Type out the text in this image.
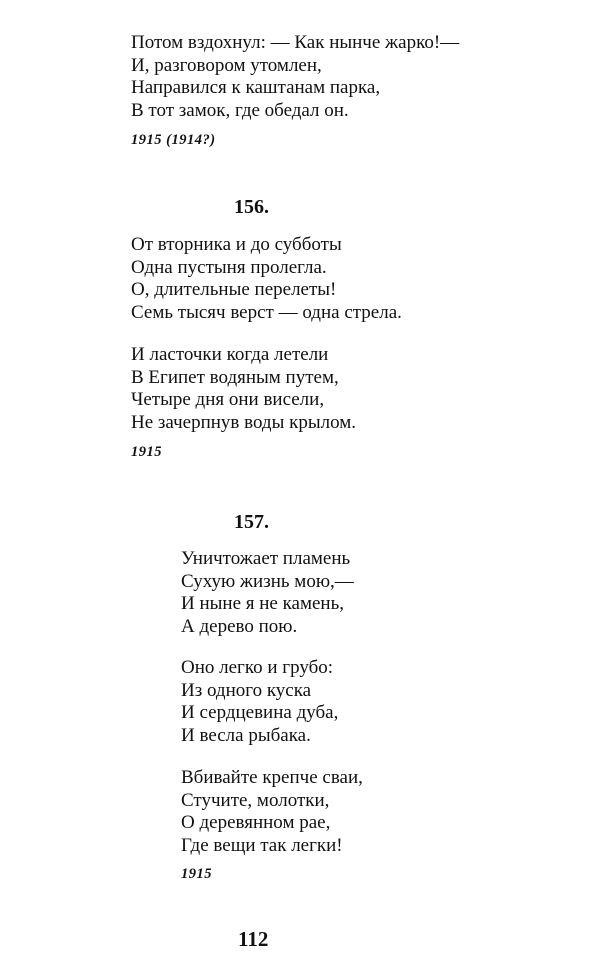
Потом вздохнул: — Как нынче жарко!—
И, разговором утомлен,
Направился к каштанам парка,
В тот замок, где обедал он.
1915 (1914?)
156.
От вторника и до субботы
Одна пустыня пролегла.
О, длительные перелеты!
Семь тысяч верст — одна стрела.
И ласточки когда летели
В Египет водяным путем,
Четыре дня они висели,
Не зачерпнув воды крылом.
1915
157.
Уничтожает пламень
Сухую жизнь мою,—
И ныне я не камень,
А дерево пою.
Оно легко и грубо:
Из одного куска
И сердцевина дуба,
И весла рыбака.
Вбивайте крепче сваи,
Стучите, молотки,
О деревянном рае,
Где вещи так легки!
1915
112
